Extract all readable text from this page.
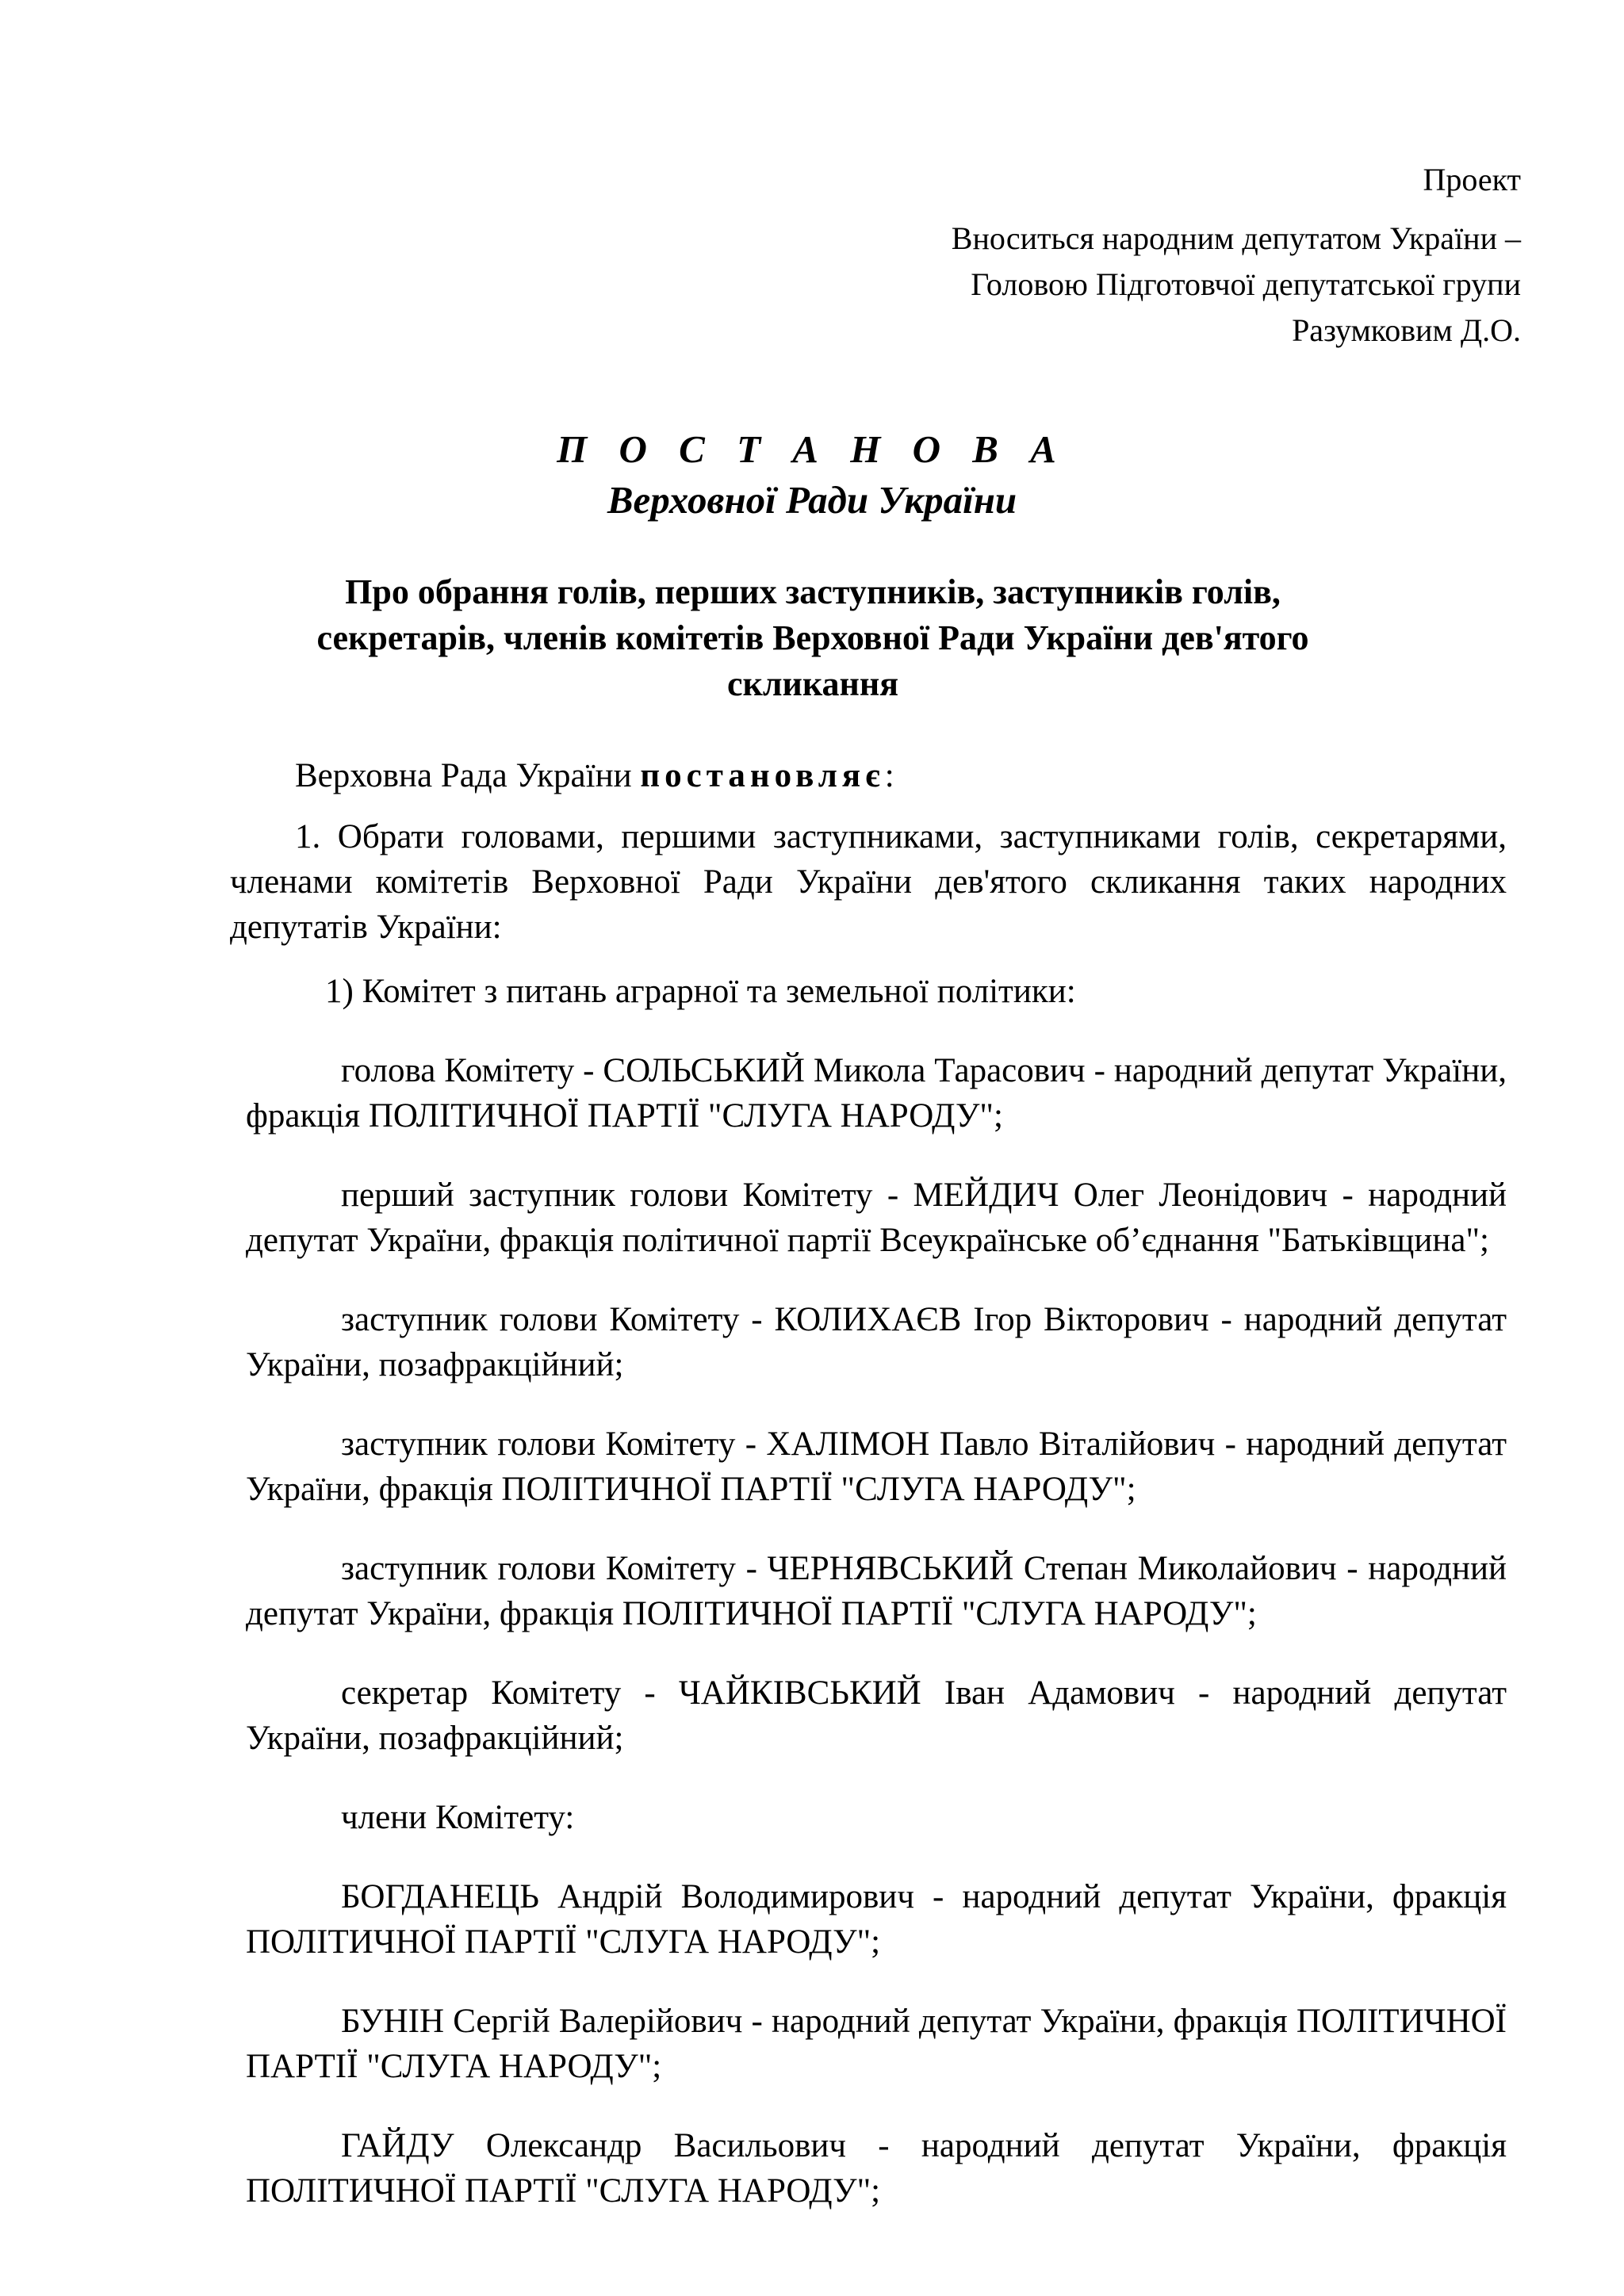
Проект
Вноситься народним депутатом України –
Головою Підготовчої депутатської групи
Разумковим Д.О.
П О С Т А Н О В А
Верховної Ради України
Про обрання голів, перших заступників, заступників голів, секретарів, членів комітетів Верховної Ради України дев'ятого скликання

Верховна Рада України постановляє:

1. Обрати головами, першими заступниками, заступниками голів, секретарями, членами комітетів Верховної Ради України дев'ятого скликання таких народних депутатів України:

1) Комітет з питань аграрної та земельної політики:

голова Комітету - СОЛЬСЬКИЙ Микола Тарасович - народний депутат України, фракція ПОЛІТИЧНОЇ ПАРТІЇ "СЛУГА НАРОДУ";

перший заступник голови Комітету - МЕЙДИЧ Олег Леонідович - народний депутат України, фракція політичної партії Всеукраїнське об’єднання "Батьківщина";

заступник голови Комітету - КОЛИХАЄВ Ігор Вікторович - народний депутат України, позафракційний;

заступник голови Комітету - ХАЛІМОН Павло Віталійович - народний депутат України, фракція ПОЛІТИЧНОЇ ПАРТІЇ "СЛУГА НАРОДУ";

заступник голови Комітету - ЧЕРНЯВСЬКИЙ Степан Миколайович - народний депутат України, фракція ПОЛІТИЧНОЇ ПАРТІЇ "СЛУГА НАРОДУ";

секретар Комітету - ЧАЙКІВСЬКИЙ Іван Адамович - народний депутат України, позафракційний;

члени Комітету:

БОГДАНЕЦЬ Андрій Володимирович - народний депутат України, фракція ПОЛІТИЧНОЇ ПАРТІЇ "СЛУГА НАРОДУ";

БУНІН Сергій Валерійович - народний депутат України, фракція ПОЛІТИЧНОЇ ПАРТІЇ "СЛУГА НАРОДУ";

ГАЙДУ Олександр Васильович - народний депутат України, фракція ПОЛІТИЧНОЇ ПАРТІЇ "СЛУГА НАРОДУ";
